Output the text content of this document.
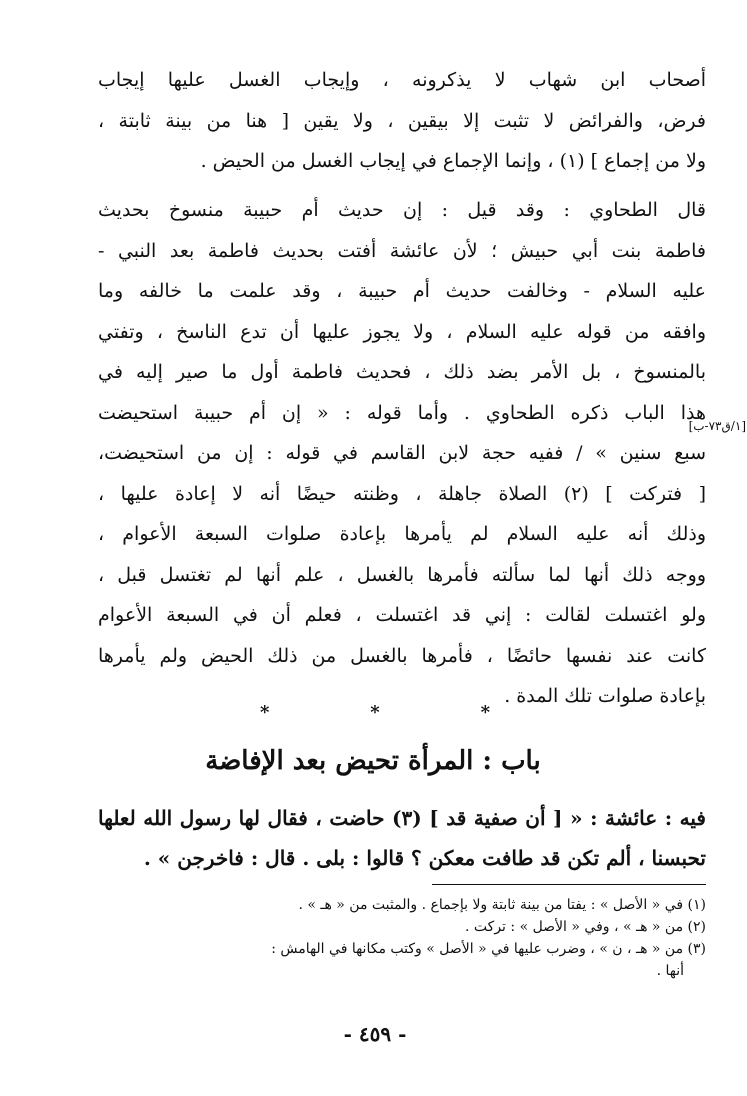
أصحاب ابن شهاب لا يذكرونه ، وإيجاب الغسل عليها إيجاب
فرض، والفرائض لا تثبت إلا بيقين ، ولا يقين [ هنا من بينة ثابتة ،
ولا من إجماع ] (١) ، وإنما الإجماع في إيجاب الغسل من الحيض .
قال الطحاوي : وقد قيل : إن حديث أم حبيبة منسوخ بحديث
فاطمة بنت أبي حبيش ؛ لأن عائشة أفتت بحديث فاطمة بعد النبي -
عليه السلام - وخالفت حديث أم حبيبة ، وقد علمت ما خالفه وما
وافقه من قوله عليه السلام ، ولا يجوز عليها أن تدع الناسخ ، وتفتي
بالمنسوخ ، بل الأمر بضد ذلك ، فحديث فاطمة أول ما صير إليه في
هذا الباب ذكره الطحاوي . وأما قوله : « إن أم حبيبة استحيضت
سبع سنين » / ففيه حجة لابن القاسم في قوله : إن من استحيضت،
[ فتركت ] (٢) الصلاة جاهلة ، وظنته حيضًا أنه لا إعادة عليها ،
وذلك أنه عليه السلام لم يأمرها بإعادة صلوات السبعة الأعوام ،
ووجه ذلك أنها لما سألته فأمرها بالغسل ، علم أنها لم تغتسل قبل ،
ولو اغتسلت لقالت : إني قد اغتسلت ، فعلم أن في السبعة الأعوام
كانت عند نفسها حائضًا ، فأمرها بالغسل من ذلك الحيض ولم يأمرها
بإعادة صلوات تلك المدة .
[١/ق٧٣-ب]
*	*	*
باب : المرأة تحيض بعد الإفاضة
فيه : عائشة : « [ أن صفية قد ] (٣) حاضت ، فقال لها رسول الله لعلها
تحبسنا ، ألم تكن قد طافت معكن ؟ قالوا : بلى . قال : فاخرجن » .
(١) في « الأصل » : يفتا من بينة ثابتة ولا بإجماع . والمثبت من « هـ » .
(٢) من « هـ » ، وفي « الأصل » : تركت .
(٣) من « هـ ، ن » ، وضرب عليها في « الأصل » وكتب مكانها في الهامش :
أنها .
- ٤٥٩ -
